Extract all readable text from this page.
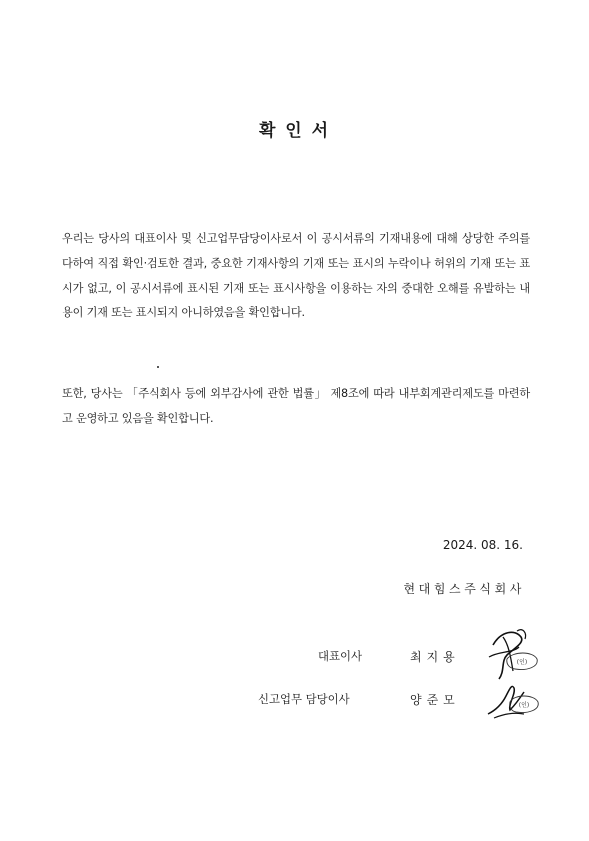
확 인 서

우리는 당사의 대표이사 및 신고업무담당이사로서 이 공시서류의 기재내용에 대해 상당한 주의를 다하여 직접 확인·검토한 결과, 중요한 기재사항의 기재 또는 표시의 누락이나 허위의 기재 또는 표시가 없고, 이 공시서류에 표시된 기재 또는 표시사항을 이용하는 자의 중대한 오해를 유발하는 내용이 기재 또는 표시되지 아니하였음을 확인합니다.

또한, 당사는 「주식회사 등에 외부감사에 관한 법률」 제8조에 따라 내부회계관리제도를 마련하고 운영하고 있음을 확인합니다.

2024. 08. 16.

현대힘스주식회사

대표이사	최지용	(인)
신고업무 담당이사	양준모	(인)
